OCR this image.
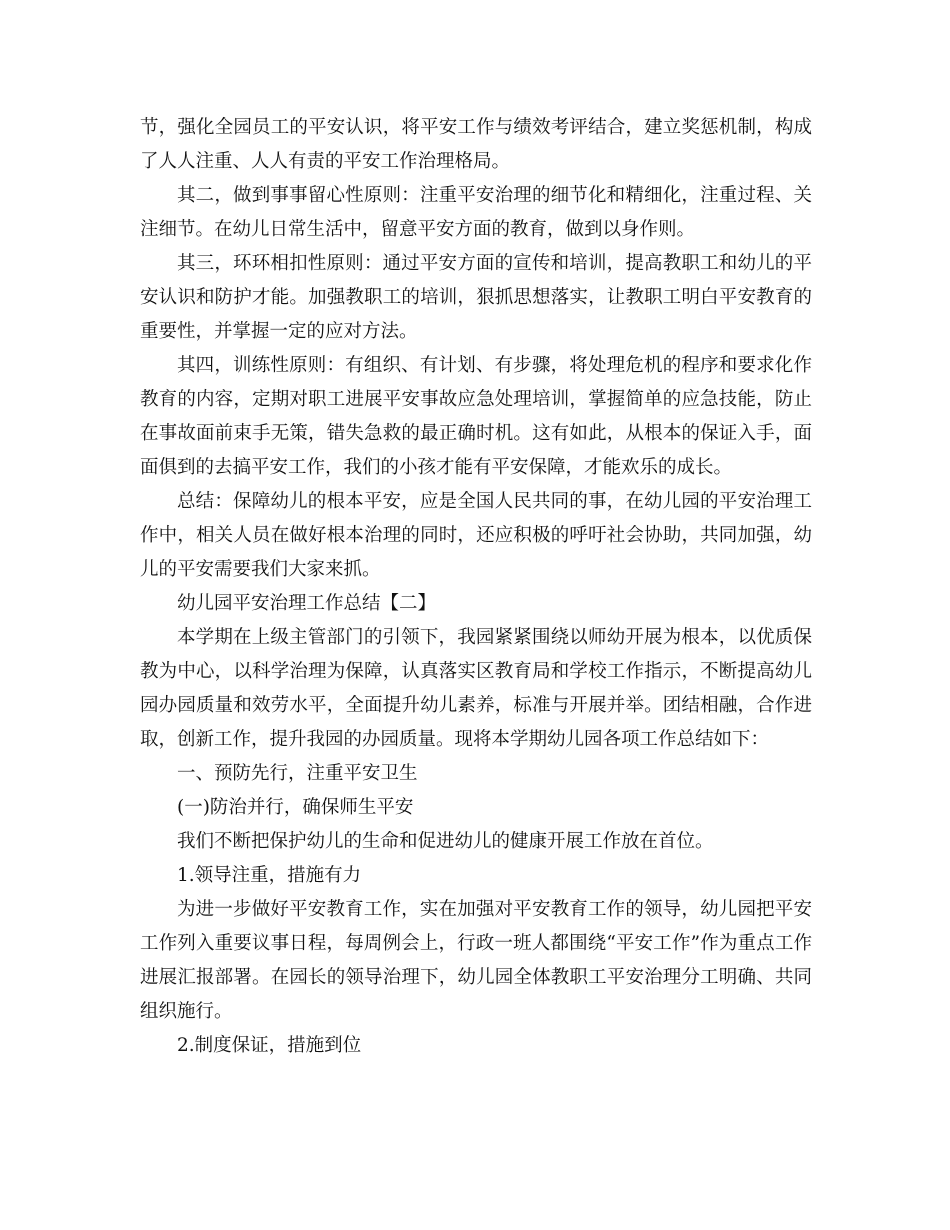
节，强化全园员工的平安认识，将平安工作与绩效考评结合，建立奖惩机制，构成了人人注重、人人有责的平安工作治理格局。

其二，做到事事留心性原则：注重平安治理的细节化和精细化，注重过程、关注细节。在幼儿日常生活中，留意平安方面的教育，做到以身作则。

其三，环环相扣性原则：通过平安方面的宣传和培训，提高教职工和幼儿的平安认识和防护才能。加强教职工的培训，狠抓思想落实，让教职工明白平安教育的重要性，并掌握一定的应对方法。

其四，训练性原则：有组织、有计划、有步骤，将处理危机的程序和要求化作教育的内容，定期对职工进展平安事故应急处理培训，掌握简单的应急技能，防止在事故面前束手无策，错失急救的最正确时机。这有如此，从根本的保证入手，面面俱到的去搞平安工作，我们的小孩才能有平安保障，才能欢乐的成长。

总结：保障幼儿的根本平安，应是全国人民共同的事，在幼儿园的平安治理工作中，相关人员在做好根本治理的同时，还应积极的呼吁社会协助，共同加强，幼儿的平安需要我们大家来抓。

幼儿园平安治理工作总结【二】

本学期在上级主管部门的引领下，我园紧紧围绕以师幼开展为根本，以优质保教为中心，以科学治理为保障，认真落实区教育局和学校工作指示，不断提高幼儿园办园质量和效劳水平，全面提升幼儿素养，标准与开展并举。团结相融，合作进取，创新工作，提升我园的办园质量。现将本学期幼儿园各项工作总结如下：

一、预防先行，注重平安卫生

(一)防治并行，确保师生平安

我们不断把保护幼儿的生命和促进幼儿的健康开展工作放在首位。

1.领导注重，措施有力

为进一步做好平安教育工作，实在加强对平安教育工作的领导，幼儿园把平安工作列入重要议事日程，每周例会上，行政一班人都围绕“平安工作”作为重点工作进展汇报部署。在园长的领导治理下，幼儿园全体教职工平安治理分工明确、共同组织施行。

2.制度保证，措施到位
